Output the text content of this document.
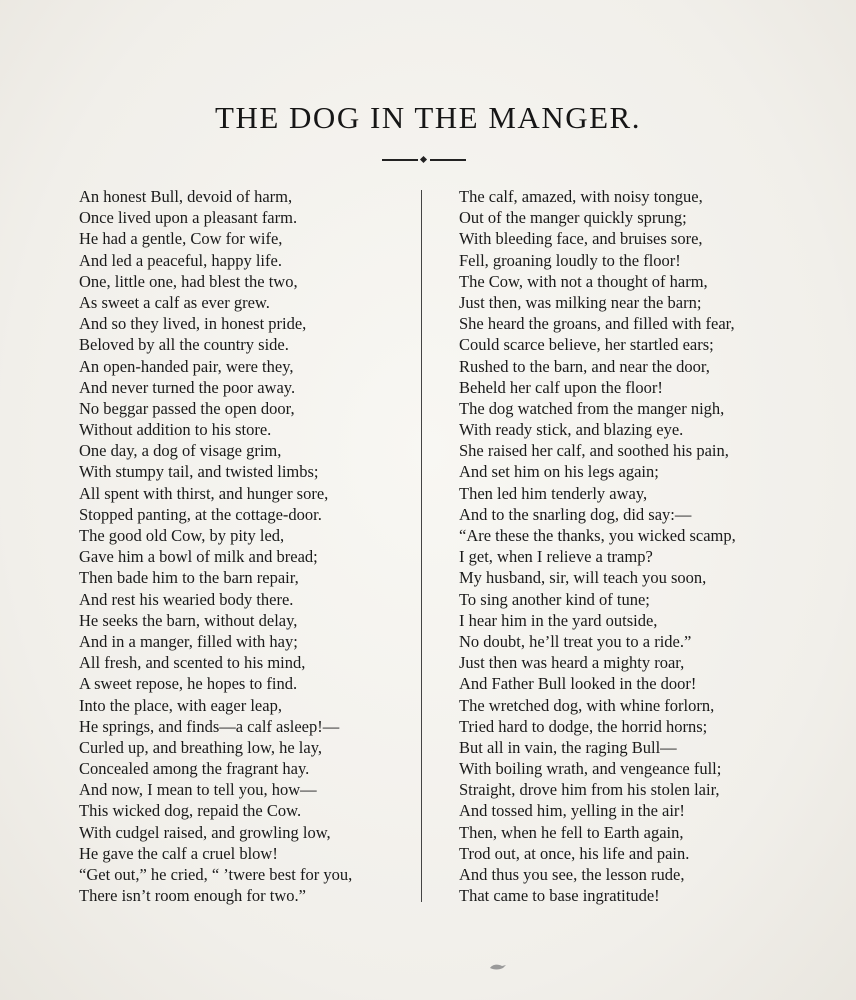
THE DOG IN THE MANGER.
An honest Bull, devoid of harm,
Once lived upon a pleasant farm.
He had a gentle, Cow for wife,
And led a peaceful, happy life.
One, little one, had blest the two,
As sweet a calf as ever grew.
And so they lived, in honest pride,
Beloved by all the country side.
An open-handed pair, were they,
And never turned the poor away.
No beggar passed the open door,
Without addition to his store.
One day, a dog of visage grim,
With stumpy tail, and twisted limbs;
All spent with thirst, and hunger sore,
Stopped panting, at the cottage-door.
The good old Cow, by pity led,
Gave him a bowl of milk and bread;
Then bade him to the barn repair,
And rest his wearied body there.
He seeks the barn, without delay,
And in a manger, filled with hay;
All fresh, and scented to his mind,
A sweet repose, he hopes to find.
Into the place, with eager leap,
He springs, and finds—a calf asleep!—
Curled up, and breathing low, he lay,
Concealed among the fragrant hay.
And now, I mean to tell you, how—
This wicked dog, repaid the Cow.
With cudgel raised, and growling low,
He gave the calf a cruel blow!
“Get out,” he cried, “ ’twere best for you,
There isn’t room enough for two.”
The calf, amazed, with noisy tongue,
Out of the manger quickly sprung;
With bleeding face, and bruises sore,
Fell, groaning loudly to the floor!
The Cow, with not a thought of harm,
Just then, was milking near the barn;
She heard the groans, and filled with fear,
Could scarce believe, her startled ears;
Rushed to the barn, and near the door,
Beheld her calf upon the floor!
The dog watched from the manger nigh,
With ready stick, and blazing eye.
She raised her calf, and soothed his pain,
And set him on his legs again;
Then led him tenderly away,
And to the snarling dog, did say:—
“Are these the thanks, you wicked scamp,
I get, when I relieve a tramp?
My husband, sir, will teach you soon,
To sing another kind of tune;
I hear him in the yard outside,
No doubt, he’ll treat you to a ride.”
Just then was heard a mighty roar,
And Father Bull looked in the door!
The wretched dog, with whine forlorn,
Tried hard to dodge, the horrid horns;
But all in vain, the raging Bull—
With boiling wrath, and vengeance full;
Straight, drove him from his stolen lair,
And tossed him, yelling in the air!
Then, when he fell to Earth again,
Trod out, at once, his life and pain.
And thus you see, the lesson rude,
That came to base ingratitude!
